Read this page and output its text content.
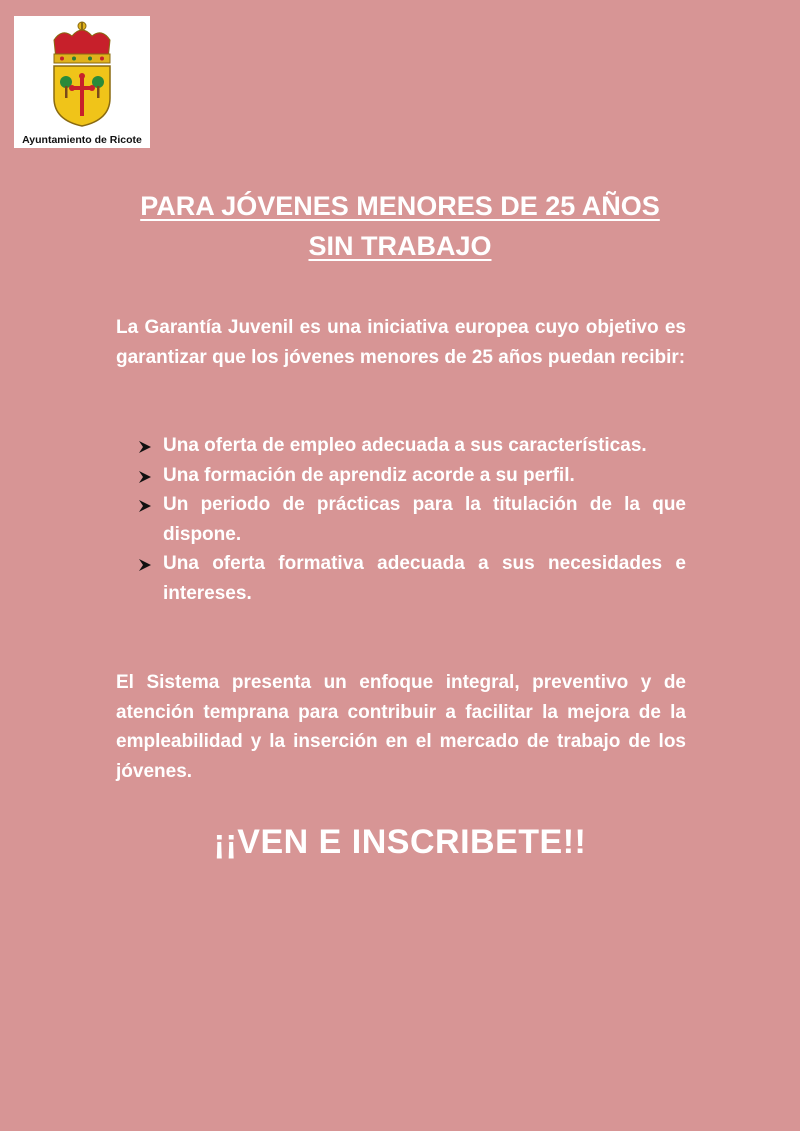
Ayuntamiento de Ricote
PARA JÓVENES MENORES DE 25 AÑOS
SIN TRABAJO
La Garantía Juvenil es una iniciativa europea cuyo objetivo es garantizar que los jóvenes menores de 25 años puedan recibir:
Una oferta de empleo adecuada a sus características.
Una formación de aprendiz acorde a su perfil.
Un periodo de prácticas para la titulación de la que dispone.
Una oferta formativa adecuada a sus necesidades e intereses.
El Sistema presenta un enfoque integral, preventivo y de atención temprana para contribuir a facilitar la mejora de la empleabilidad y la inserción en el mercado de trabajo de los jóvenes.
¡¡VEN E INSCRIBETE!!
